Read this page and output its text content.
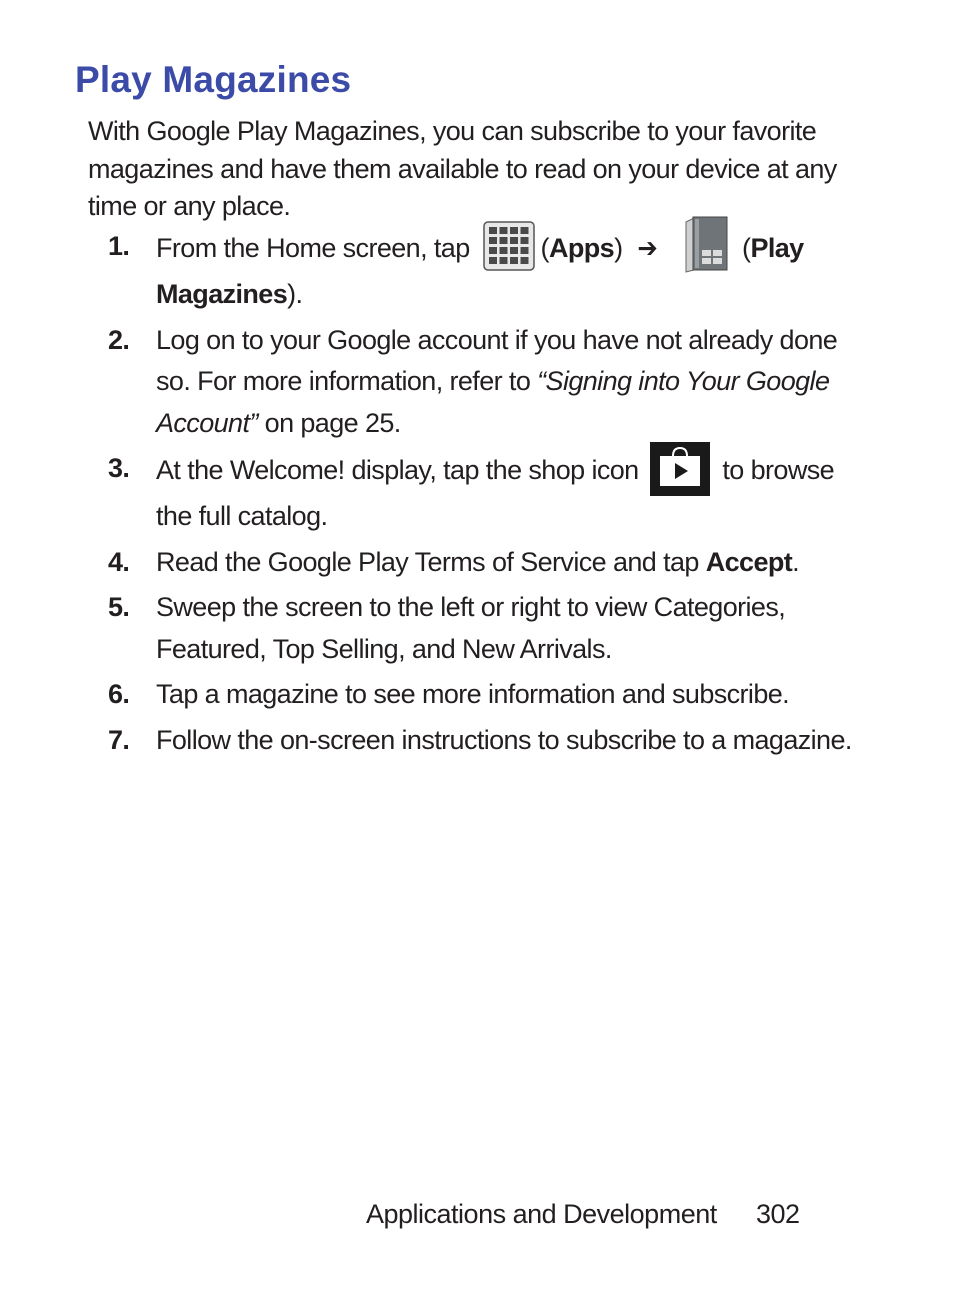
Play Magazines

With Google Play Magazines, you can subscribe to your favorite magazines and have them available to read on your device at any time or any place.

1. From the Home screen, tap	(Apps) ➔	(Play Magazines).
2. Log on to your Google account if you have not already done so. For more information, refer to “Signing into Your Google Account” on page 25.
3. At the Welcome! display, tap the shop icon	to browse the full catalog.
4. Read the Google Play Terms of Service and tap Accept.
5. Sweep the screen to the left or right to view Categories, Featured, Top Selling, and New Arrivals.
6. Tap a magazine to see more information and subscribe.
7. Follow the on-screen instructions to subscribe to a magazine.
Applications and Development 302
